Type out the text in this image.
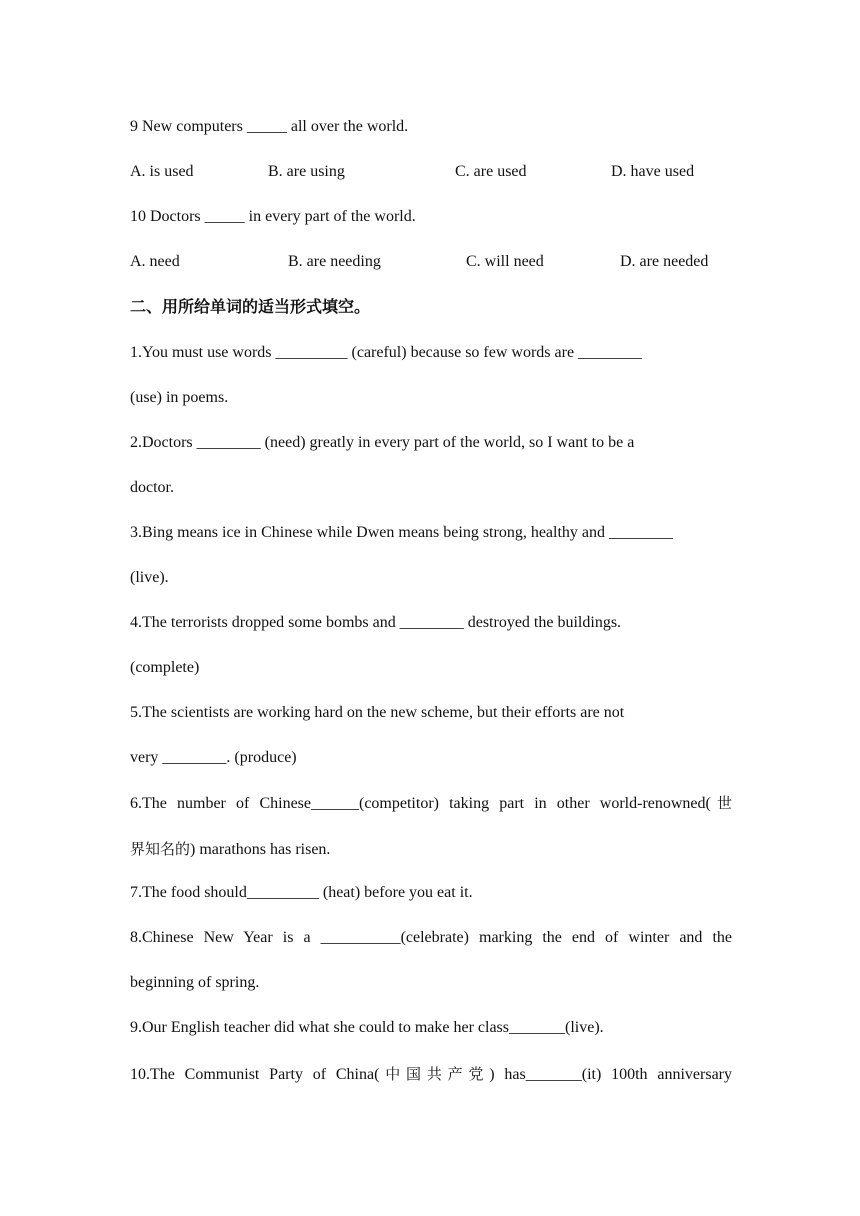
9 New computers _____ all over the world.
A. is used	B. are using	C. are used	D. have used
10 Doctors _____ in every part of the world.
A. need	B. are needing	C. will need	D. are needed
二、用所给单词的适当形式填空。
1.You must use words _________ (careful) because so few words are ________
(use) in poems.
2.Doctors ________ (need) greatly in every part of the world, so I want to be a
doctor.
3.Bing means ice in Chinese while Dwen means being strong, healthy and ________
(live).
4.The terrorists dropped some bombs and ________ destroyed the buildings.
(complete)
5.The scientists are working hard on the new scheme, but their efforts are not
very ________. (produce)
6.The number of Chinese______(competitor) taking part in other world-renowned(世
界知名的) marathons has risen.
7.The food should_________ (heat) before you eat it.
8.Chinese New Year is a __________(celebrate) marking the end of winter and the
beginning of spring.
9.Our English teacher did what she could to make her class_______(live).
10.The Communist Party of China(中国共产党) has_______(it) 100th anniversary
